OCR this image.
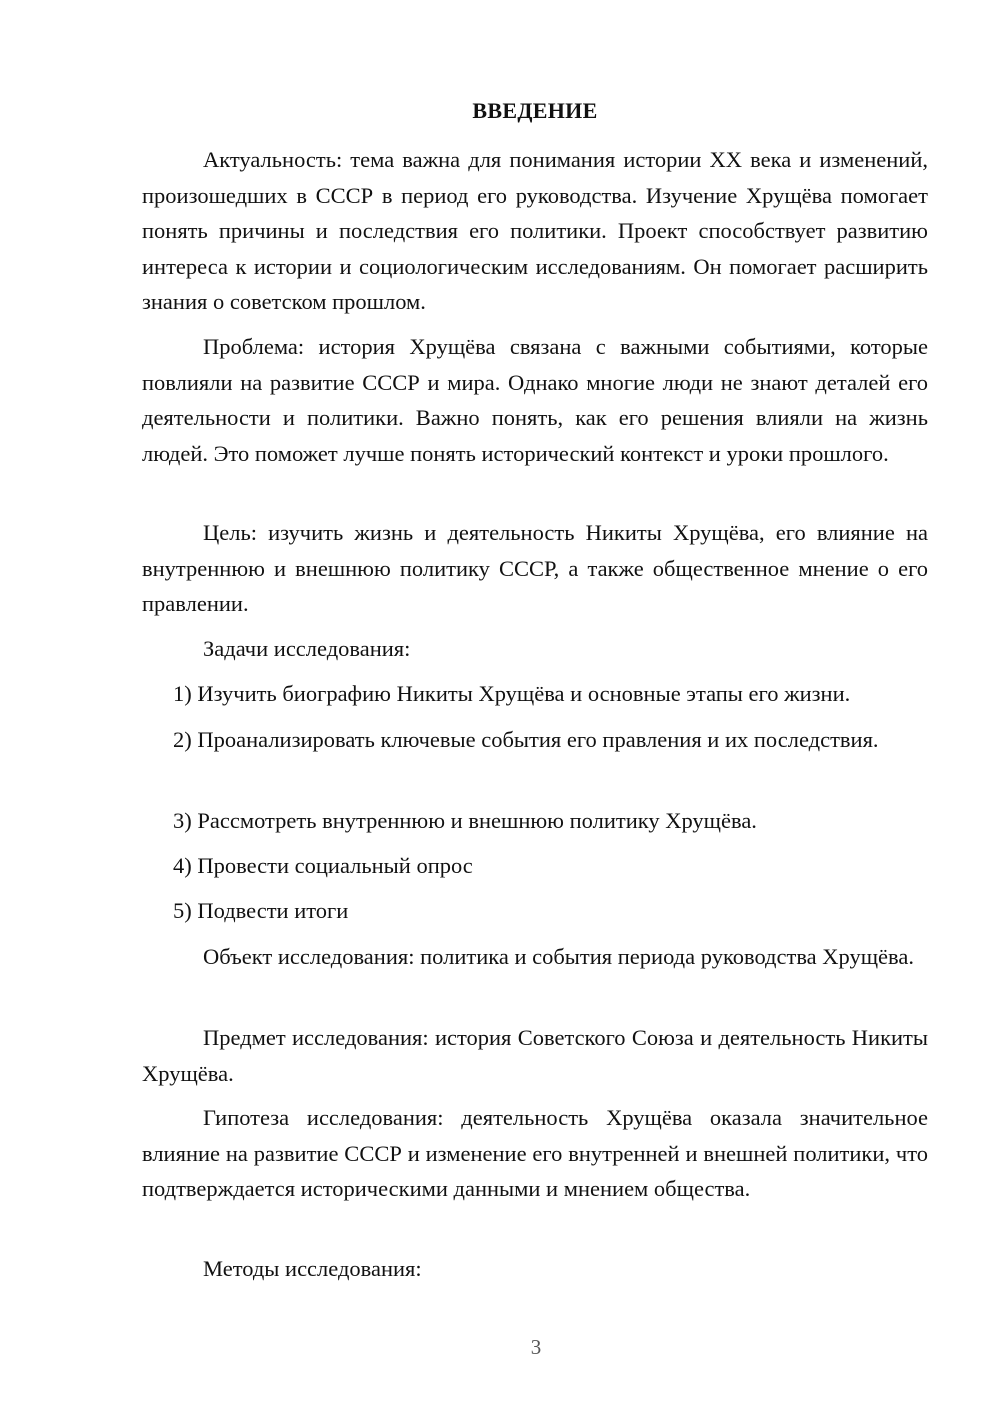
ВВЕДЕНИЕ

Актуальность: тема важна для понимания истории XX века и изменений, произошедших в СССР в период его руководства. Изучение Хрущёва помогает понять причины и последствия его политики. Проект способствует развитию интереса к истории и социологическим исследованиям. Он помогает расширить знания о советском прошлом.

Проблема: история Хрущёва связана с важными событиями, которые повлияли на развитие СССР и мира. Однако многие люди не знают деталей его деятельности и политики. Важно понять, как его решения влияли на жизнь людей. Это поможет лучше понять исторический контекст и уроки прошлого.

Цель: изучить жизнь и деятельность Никиты Хрущёва, его влияние на внутреннюю и внешнюю политику СССР, а также общественное мнение о его правлении.

Задачи исследования:

1) Изучить биографию Никиты Хрущёва и основные этапы его жизни.

2) Проанализировать ключевые события его правления и их последствия.

3) Рассмотреть внутреннюю и внешнюю политику Хрущёва.

4) Провести социальный опрос

5) Подвести итоги

Объект исследования: политика и события периода руководства Хрущёва.

Предмет исследования: история Советского Союза и деятельность Никиты Хрущёва.

Гипотеза исследования: деятельность Хрущёва оказала значительное влияние на развитие СССР и изменение его внутренней и внешней политики, что подтверждается историческими данными и мнением общества.

Методы исследования:

3
